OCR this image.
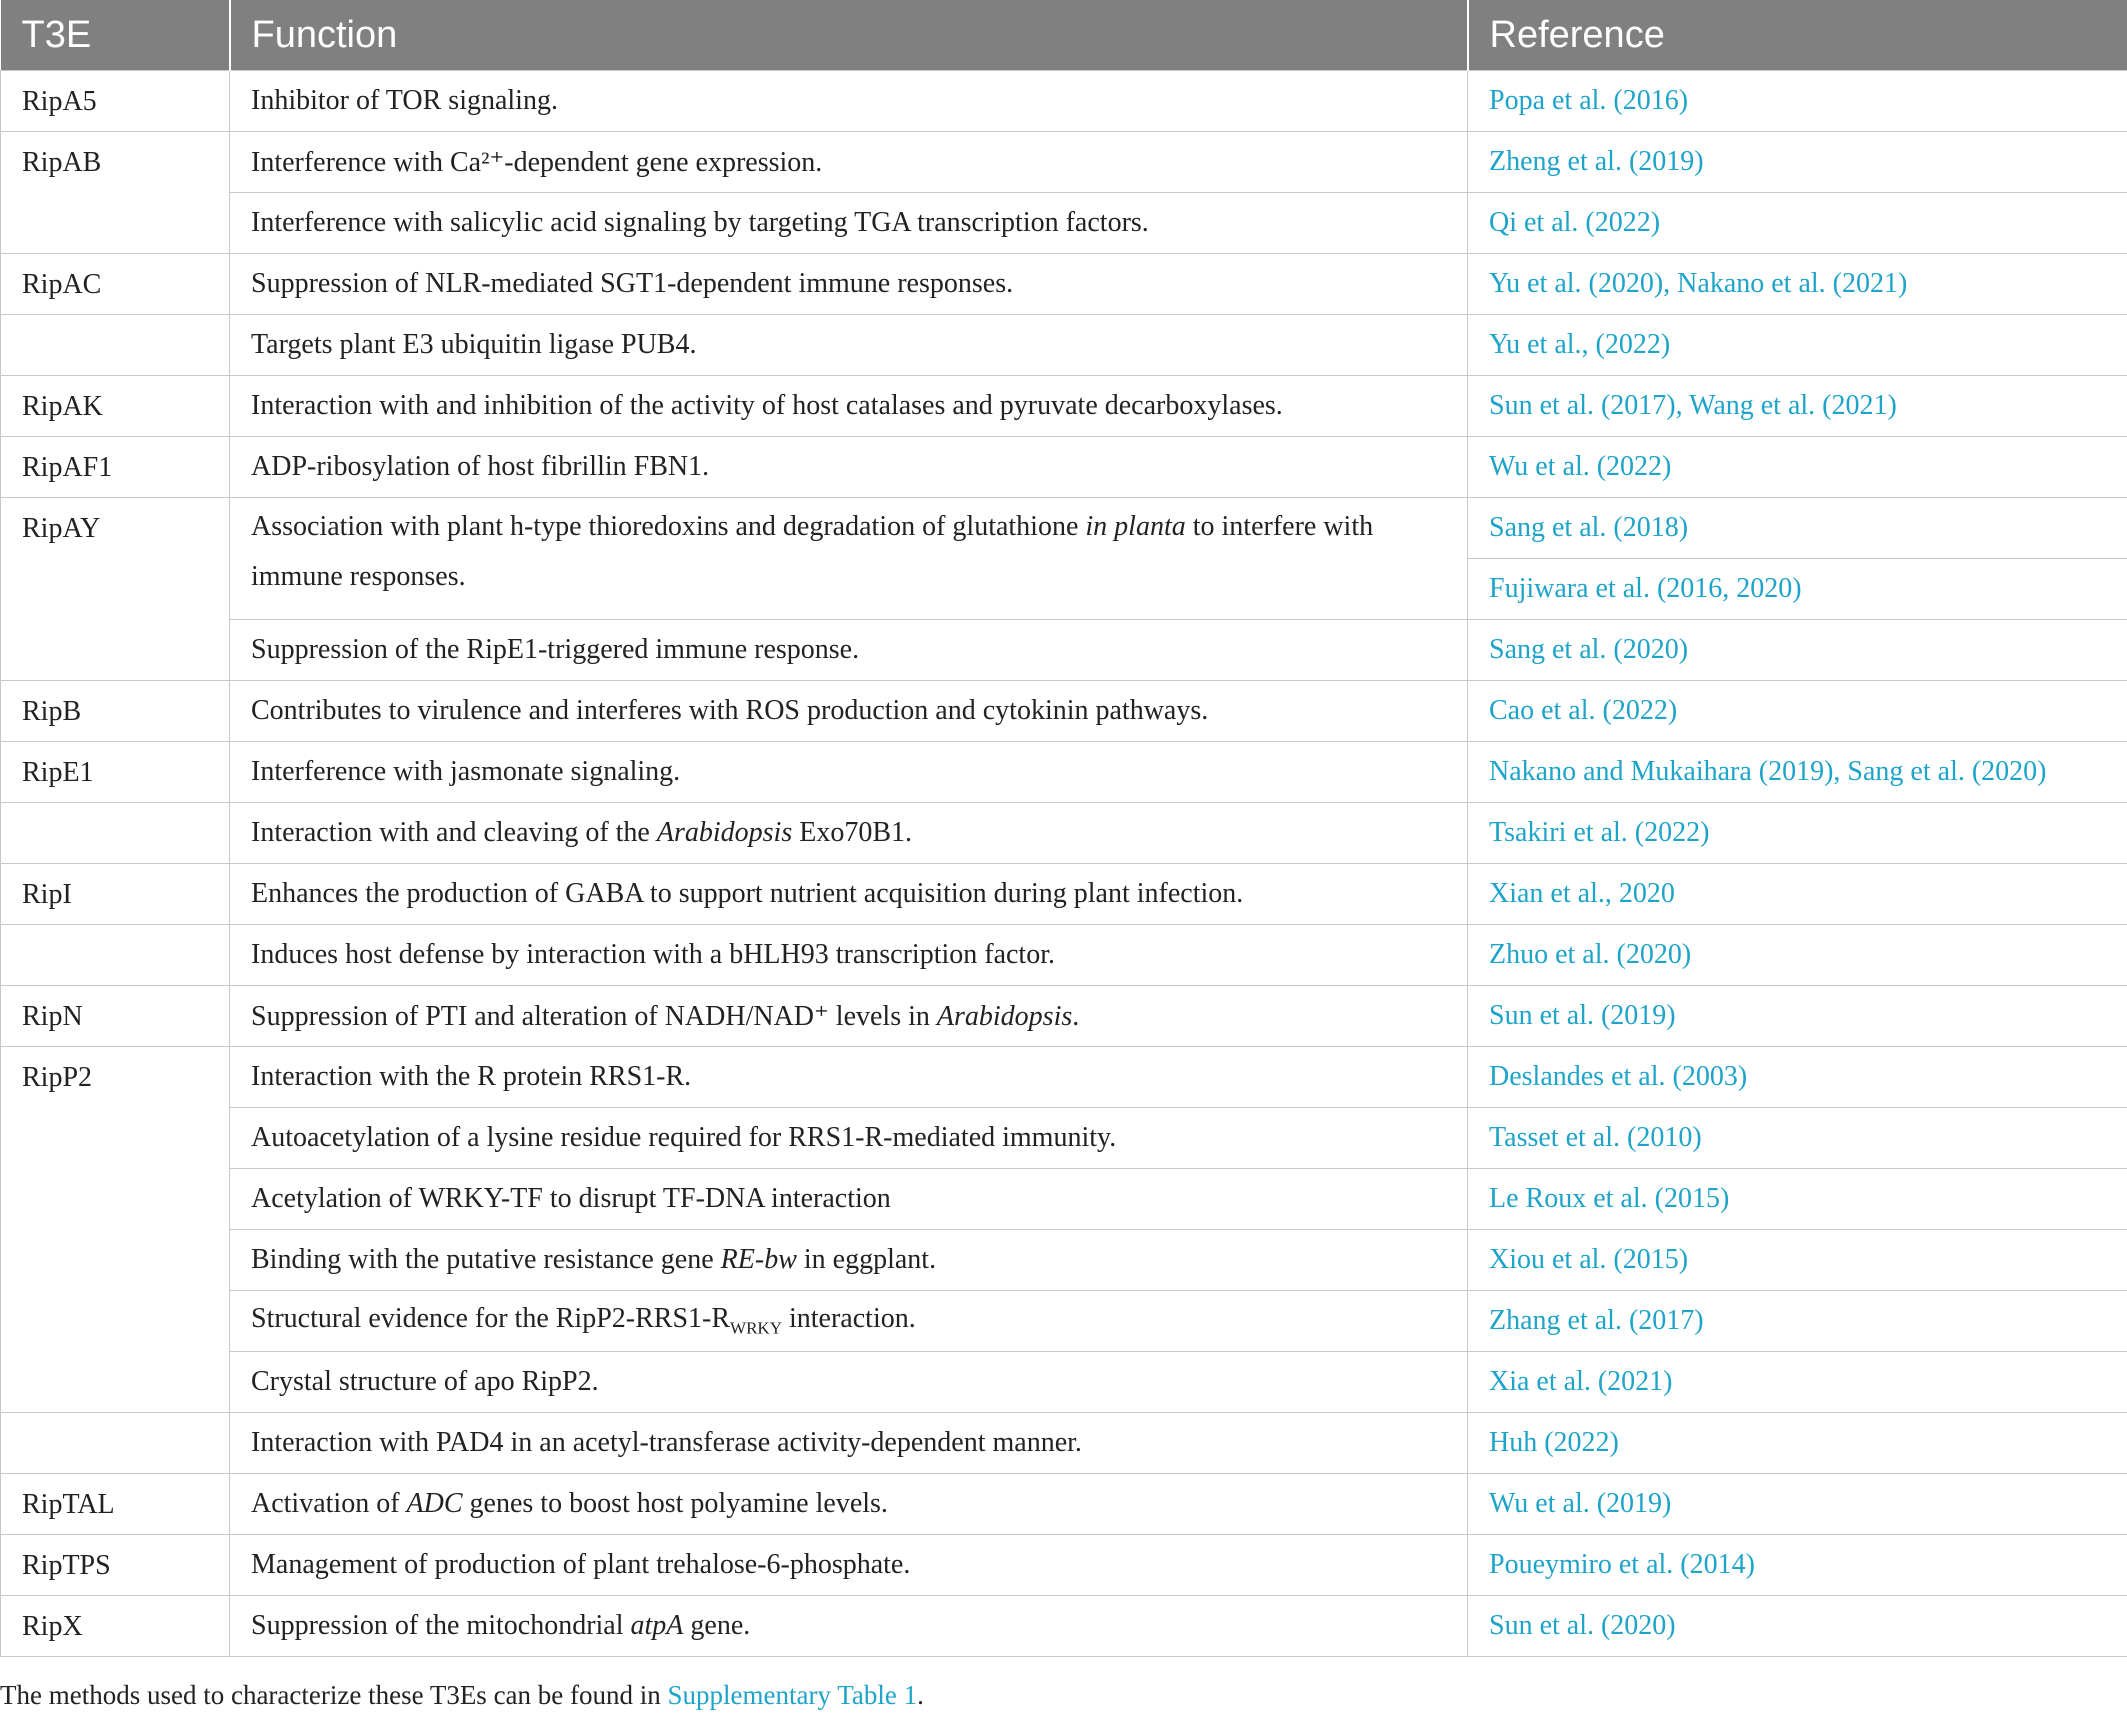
T3E	Function	Reference
RipA5	Inhibitor of TOR signaling.	Popa et al. (2016)
RipAB	Interference with Ca²⁺-dependent gene expression.	Zheng et al. (2019)
	Interference with salicylic acid signaling by targeting TGA transcription factors.	Qi et al. (2022)
RipAC	Suppression of NLR-mediated SGT1-dependent immune responses.	Yu et al. (2020), Nakano et al. (2021)
	Targets plant E3 ubiquitin ligase PUB4.	Yu et al., (2022)
RipAK	Interaction with and inhibition of the activity of host catalases and pyruvate decarboxylases.	Sun et al. (2017), Wang et al. (2021)
RipAF1	ADP-ribosylation of host fibrillin FBN1.	Wu et al. (2022)
RipAY	Association with plant h-type thioredoxins and degradation of glutathione in planta to interfere with immune responses.	Sang et al. (2018)
		Fujiwara et al. (2016, 2020)
	Suppression of the RipE1-triggered immune response.	Sang et al. (2020)
RipB	Contributes to virulence and interferes with ROS production and cytokinin pathways.	Cao et al. (2022)
RipE1	Interference with jasmonate signaling.	Nakano and Mukaihara (2019), Sang et al. (2020)
	Interaction with and cleaving of the Arabidopsis Exo70B1.	Tsakiri et al. (2022)
RipI	Enhances the production of GABA to support nutrient acquisition during plant infection.	Xian et al., 2020
	Induces host defense by interaction with a bHLH93 transcription factor.	Zhuo et al. (2020)
RipN	Suppression of PTI and alteration of NADH/NAD⁺ levels in Arabidopsis.	Sun et al. (2019)
RipP2	Interaction with the R protein RRS1-R.	Deslandes et al. (2003)
	Autoacetylation of a lysine residue required for RRS1-R-mediated immunity.	Tasset et al. (2010)
	Acetylation of WRKY-TF to disrupt TF-DNA interaction	Le Roux et al. (2015)
	Binding with the putative resistance gene RE-bw in eggplant.	Xiou et al. (2015)
	Structural evidence for the $RipP2-RRS1-R_{WRKY}$ interaction.	Zhang et al. (2017)
	Crystal structure of apo RipP2.	Xia et al. (2021)
	Interaction with PAD4 in an acetyl-transferase activity-dependent manner.	Huh (2022)
RipTAL	Activation of ADC genes to boost host polyamine levels.	Wu et al. (2019)
RipTPS	Management of production of plant trehalose-6-phosphate.	Poueymiro et al. (2014)
RipX	Suppression of the mitochondrial atpA gene.	Sun et al. (2020)
The methods used to characterize these T3Es can be found in Supplementary Table 1.
